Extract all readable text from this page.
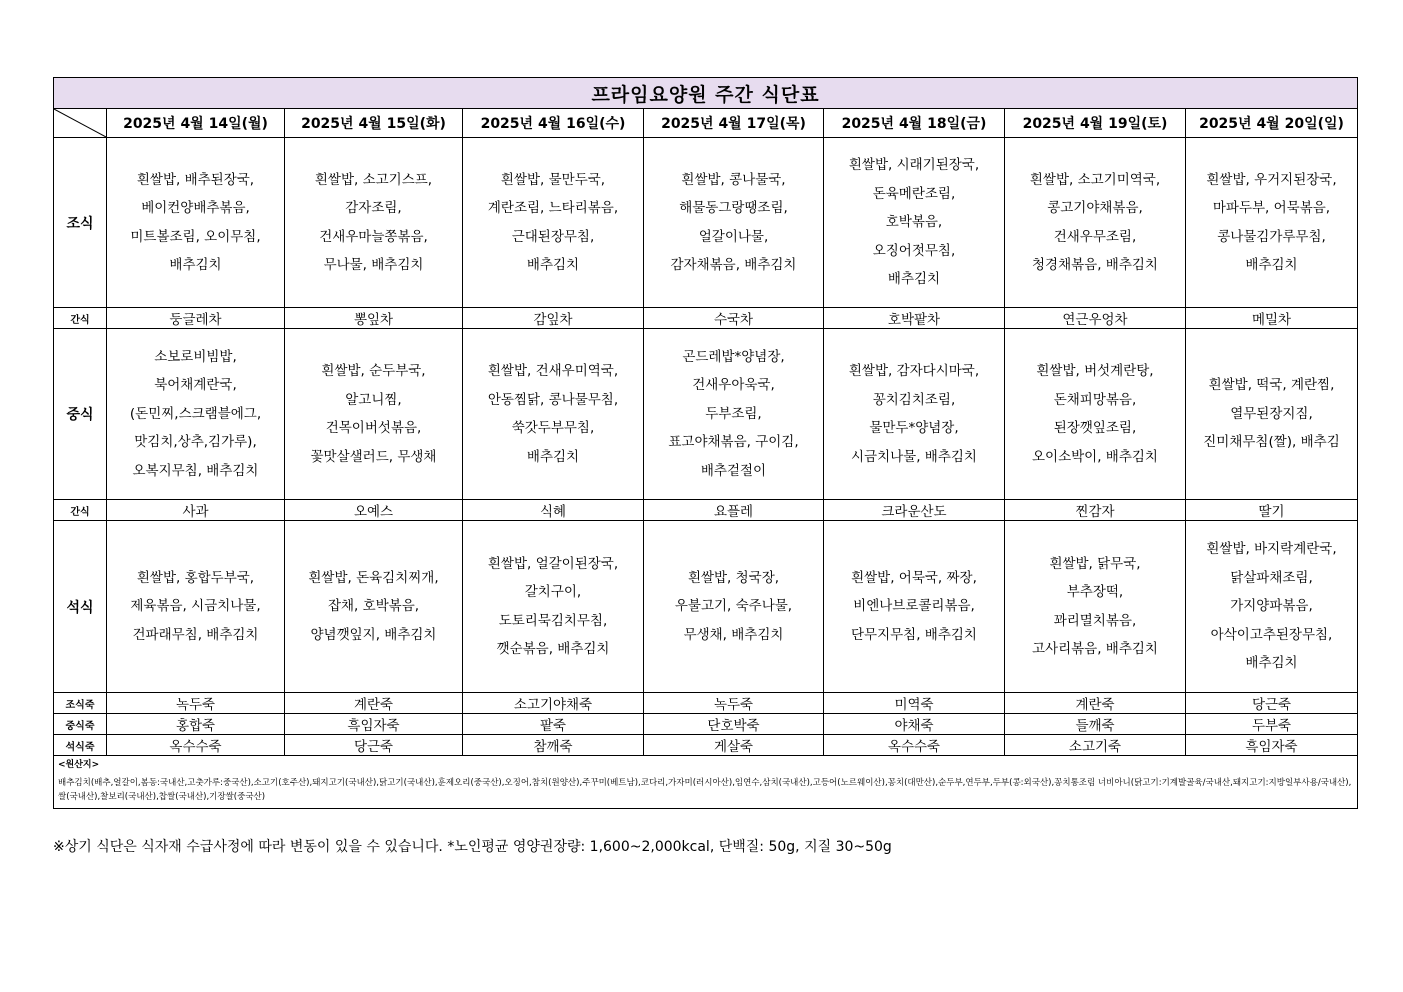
프라임요양원 주간 식단표							

	2025년 4월 14일(월)	2025년 4월 15일(화)	2025년 4월 16일(수)	2025년 4월 17일(목)	2025년 4월 18일(금)	2025년 4월 19일(토)	2025년 4월 20일(일)
조식	흰쌀밥, 배추된장국,
베이컨양배추볶음,
미트볼조림, 오이무침,
배추김치	흰쌀밥, 소고기스프,
감자조림,
건새우마늘쫑볶음,
무나물, 배추김치	흰쌀밥, 물만두국,
계란조림, 느타리볶음,
근대된장무침,
배추김치	흰쌀밥, 콩나물국,
해물동그랑땡조림,
얼갈이나물,
감자채볶음, 배추김치	흰쌀밥, 시래기된장국,
돈육메란조림,
호박볶음,
오징어젓무침,
배추김치	흰쌀밥, 소고기미역국,
콩고기야채볶음,
건새우무조림,
청경채볶음, 배추김치	흰쌀밥, 우거지된장국,
마파두부, 어묵볶음,
콩나물김가루무침,
배추김치
간식	둥글레차	뽕잎차	감잎차	수국차	호박팥차	연근우엉차	메밀차
중식	소보로비빔밥,
북어채계란국,
(돈민찌,스크램블에그,
맛김치,상추,김가루),
오복지무침, 배추김치	흰쌀밥, 순두부국,
알고니찜,
건목이버섯볶음,
꽃맛살샐러드, 무생채	흰쌀밥, 건새우미역국,
안동찜닭, 콩나물무침,
쑥갓두부무침,
배추김치	곤드레밥*양념장,
건새우아욱국,
두부조림,
표고야채볶음, 구이김,
배추겉절이	흰쌀밥, 감자다시마국,
꽁치김치조림,
물만두*양념장,
시금치나물, 배추김치	흰쌀밥, 버섯계란탕,
돈채피망볶음,
된장깻잎조림,
오이소박이, 배추김치	흰쌀밥, 떡국, 계란찜,
열무된장지짐,
진미채무침(짤), 배추김
간식	사과	오예스	식혜	요플레	크라운산도	찐감자	딸기
석식	흰쌀밥, 홍합두부국,
제육볶음, 시금치나물,
건파래무침, 배추김치	흰쌀밥, 돈육김치찌개,
잡채, 호박볶음,
양념깻잎지, 배추김치	흰쌀밥, 얼갈이된장국,
갈치구이,
도토리묵김치무침,
깻순볶음, 배추김치	흰쌀밥, 청국장,
우불고기, 숙주나물,
무생채, 배추김치	흰쌀밥, 어묵국, 짜장,
비엔나브로콜리볶음,
단무지무침, 배추김치	흰쌀밥, 닭무국,
부추장떡,
꽈리멸치볶음,
고사리볶음, 배추김치	흰쌀밥, 바지락계란국,
닭살파채조림,
가지양파볶음,
아삭이고추된장무침,
배추김치
조식죽	녹두죽	계란죽	소고기야채죽	녹두죽	미역죽	계란죽	당근죽
중식죽	홍합죽	흑임자죽	팥죽	단호박죽	야채죽	들깨죽	두부죽
석식죽	옥수수죽	당근죽	참깨죽	게살죽	옥수수죽	소고기죽	흑임자죽

<원산지>
배추김치(배추,얼갈이,봄동:국내산,고춧가루:중국산),소고기(호주산),돼지고기(국내산),닭고기(국내산),훈제오리(중국산),오징어,참치(원양산),주꾸미(베트남),코다리,가자미(러시아산),임연수,삼치(국내산),고등어(노르웨이산),꽁치(대만산),순두부,연두부,두부(콩:외국산),꽁치통조림 너비아니(닭고기:기계발골육/국내산,돼지고기:지방일부사용/국내산),쌀(국내산),찰보리(국내산),찹쌀(국내산),기장쌀(중국산)							
※상기 식단은 식자재 수급사정에 따라 변동이 있을 수 있습니다. *노인평균 영양권장량: 1,600~2,000kcal, 단백질: 50g, 지질 30~50g
